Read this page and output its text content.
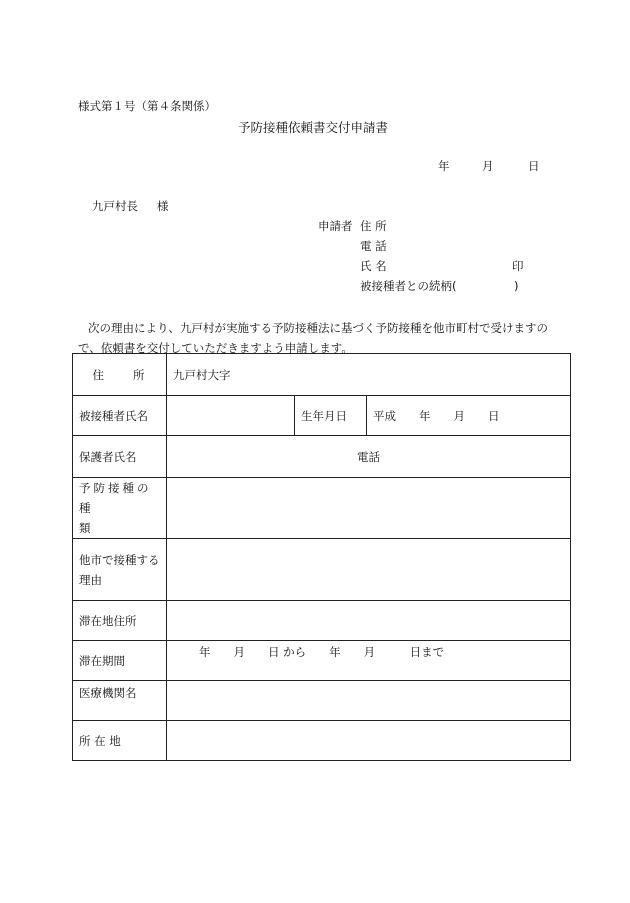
様式第１号（第４条関係）
予防接種依頼書交付申請書
年	月	日
九戸村長 様
申請者 住 所
電 話
氏 名	印
被接種者との続柄(　　　　　)
次の理由により、九戸村が実施する予防接種法に基づく予防接種を他市町村で受けますの
で、依頼書を交付していただきますよう申請します。
住　　所	九戸村大字		
被接種者氏名		生年月日	平成　　年　　月　　日
保護者氏名	電話		
予防接種の種
類			
他市で接種する
理由			
滞在地住所			
滞在期間	年　　月　　日 から　　年　　月　　　日まで		

医療機関名			
所 在 地			
